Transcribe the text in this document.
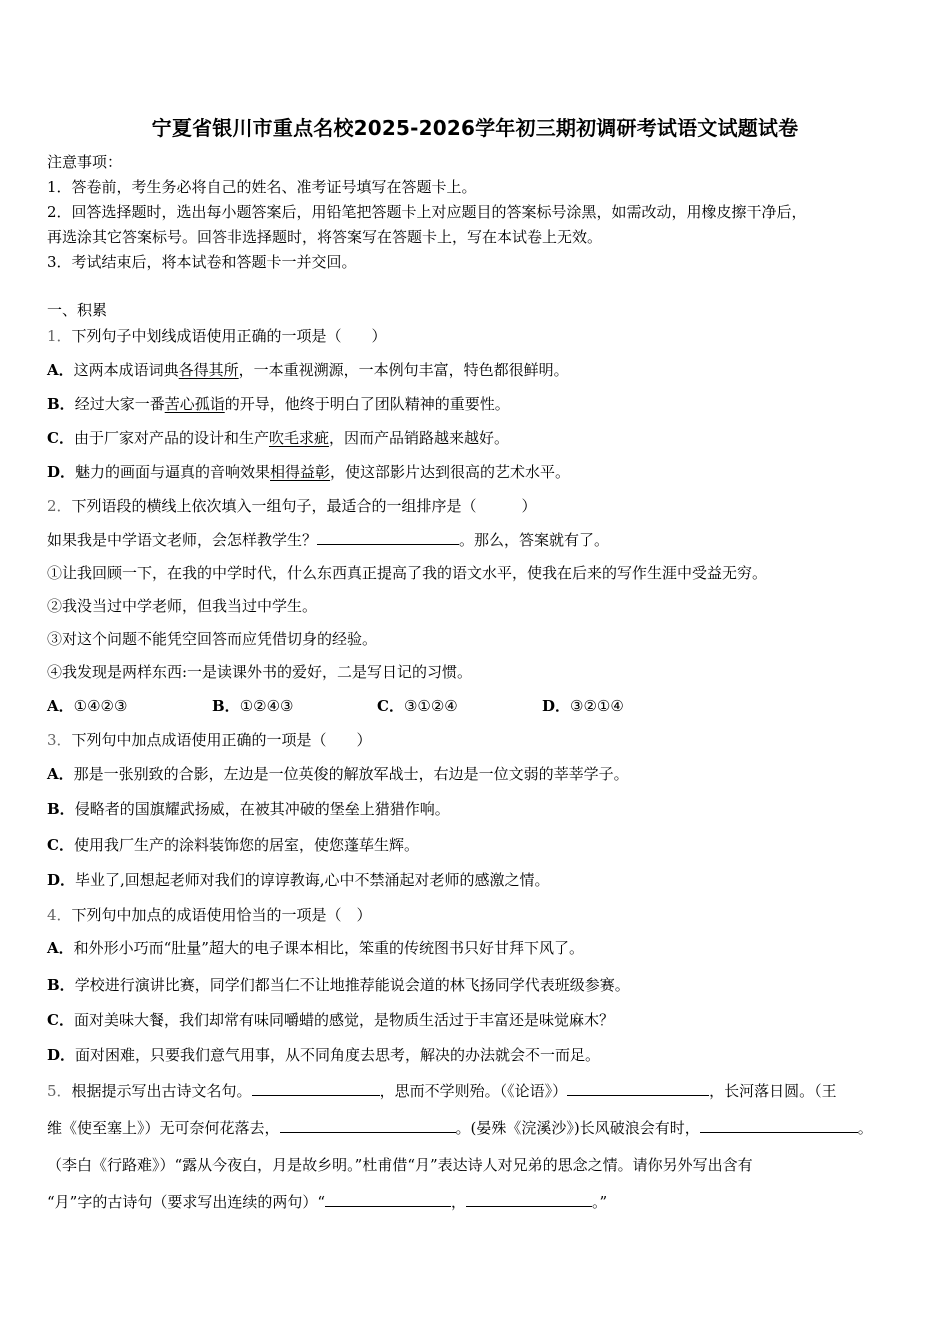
宁夏省银川市重点名校2025-2026学年初三期初调研考试语文试题试卷
注意事项：
1．答卷前，考生务必将自己的姓名、准考证号填写在答题卡上。
2．回答选择题时，选出每小题答案后，用铅笔把答题卡上对应题目的答案标号涂黑，如需改动，用橡皮擦干净后，
再选涂其它答案标号。回答非选择题时，将答案写在答题卡上，写在本试卷上无效。
3．考试结束后，将本试卷和答题卡一并交回。
一、积累
1．下列句子中划线成语使用正确的一项是（　　）
A．这两本成语词典各得其所，一本重视溯源，一本例句丰富，特色都很鲜明。
B．经过大家一番苦心孤诣的开导，他终于明白了团队精神的重要性。
C．由于厂家对产品的设计和生产吹毛求疵，因而产品销路越来越好。
D．魅力的画面与逼真的音响效果相得益彰，使这部影片达到很高的艺术水平。
2．下列语段的横线上依次填入一组句子，最适合的一组排序是（　　　）
如果我是中学语文老师，会怎样教学生？	。那么，答案就有了。
①让我回顾一下，在我的中学时代，什么东西真正提高了我的语文水平，使我在后来的写作生涯中受益无穷。
②我没当过中学老师，但我当过中学生。
③对这个问题不能凭空回答而应凭借切身的经验。
④我发现是两样东西:一是读课外书的爱好，二是写日记的习惯。
A．①④②③	B．①②④③	C．③①②④	D．③②①④
3．下列句中加点成语使用正确的一项是（　　）
A．那是一张别致的合影，左边是一位英俊的解放军战士，右边是一位文弱的莘莘学子。
B．侵略者的国旗耀武扬威，在被其冲破的堡垒上猎猎作响。
C．使用我厂生产的涂料装饰您的居室，使您蓬荜生辉。
D．毕业了,回想起老师对我们的谆谆教诲,心中不禁涌起对老师的感激之情。
4．下列句中加点的成语使用恰当的一项是（　）
A．和外形小巧而“肚量”超大的电子课本相比，笨重的传统图书只好甘拜下风了。
B．学校进行演讲比赛，同学们都当仁不让地推荐能说会道的林飞扬同学代表班级参赛。
C．面对美味大餐，我们却常有味同嚼蜡的感觉，是物质生活过于丰富还是味觉麻木？
D．面对困难，只要我们意气用事，从不同角度去思考，解决的办法就会不一而足。
5．根据提示写出古诗文名句。	，思而不学则殆。（《论语》）	，长河落日圆。（王
维《使至塞上》）无可奈何花落去，	。(晏殊《浣溪沙》)长风破浪会有时，	。
（李白《行路难》）“露从今夜白，月是故乡明。”杜甫借“月”表达诗人对兄弟的思念之情。请你另外写出含有
“月”字的古诗句（要求写出连续的两句）“	，	。”
